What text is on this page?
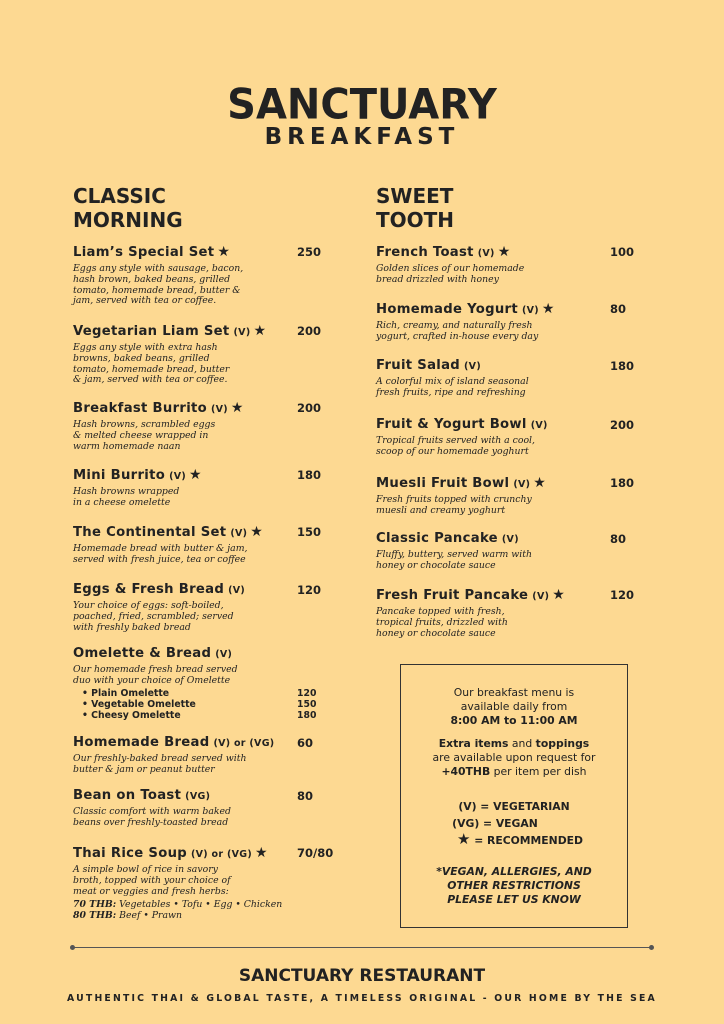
SANCTUARY
BREAKFAST
CLASSIC
MORNING
SWEET
TOOTH
Liam’s Special Set ★
Eggs any style with sausage, bacon,
hash brown, baked beans, grilled
tomato, homemade bread, butter &
jam, served with tea or coffee.
250
Vegetarian Liam Set (V) ★
Eggs any style with extra hash
browns, baked beans, grilled
tomato, homemade bread, butter
& jam, served with tea or coffee.
200
Breakfast Burrito (V) ★
Hash browns, scrambled eggs
& melted cheese wrapped in
warm homemade naan
200
Mini Burrito (V) ★
Hash browns wrapped
in a cheese omelette
180
The Continental Set (V) ★
Homemade bread with butter & jam,
served with fresh juice, tea or coffee
150
Eggs & Fresh Bread (V)
Your choice of eggs: soft-boiled,
poached, fried, scrambled; served
with freshly baked bread
120
Omelette & Bread (V)
Our homemade fresh bread served
duo with your choice of Omelette
Homemade Bread (V) or (VG)
Our freshly-baked bread served with
butter & jam or peanut butter
60
Bean on Toast (VG)
Classic comfort with warm baked
beans over freshly-toasted bread
80
Thai Rice Soup (V) or (VG) ★
A simple bowl of rice in savory
broth, topped with your choice of
meat or veggies and fresh herbs:
70/80
French Toast (V) ★
Golden slices of our homemade
bread drizzled with honey
100
Homemade Yogurt (V) ★
Rich, creamy, and naturally fresh
yogurt, crafted in-house every day
80
Fruit Salad (V)
A colorful mix of island seasonal
fresh fruits, ripe and refreshing
180
Fruit & Yogurt Bowl (V)
Tropical fruits served with a cool,
scoop of our homemade yoghurt
200
Muesli Fruit Bowl (V) ★
Fresh fruits topped with crunchy
muesli and creamy yoghurt
180
Classic Pancake (V)
Fluffy, buttery, served warm with
honey or chocolate sauce
80
Fresh Fruit Pancake (V) ★
Pancake topped with fresh,
tropical fruits, drizzled with
honey or chocolate sauce
120
• Plain Omelette	120
• Vegetable Omelette	150
• Cheesy Omelette	180
70 THB: Vegetables • Tofu • Egg • Chicken
80 THB: Beef • Prawn

Our breakfast menu is

available daily from

8:00 AM to 11:00 AM

Extra items and toppings

are available upon request for

+40THB per item per dish

(V) = VEGETARIAN

(VG) = VEGAN

★ = RECOMMENDED

*VEGAN, ALLERGIES, AND

OTHER RESTRICTIONS

PLEASE LET US KNOW

SANCTUARY RESTAURANT
AUTHENTIC THAI & GLOBAL TASTE, A TIMELESS ORIGINAL - OUR HOME BY THE SEA
